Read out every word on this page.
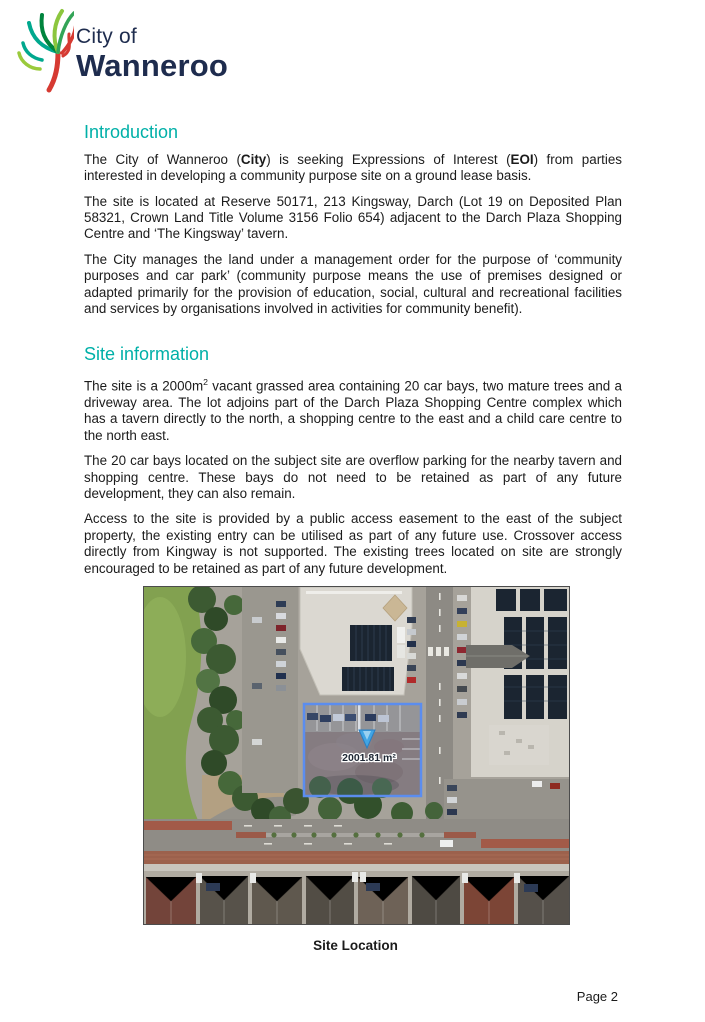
City of
Wanneroo
Introduction

The City of Wanneroo (City) is seeking Expressions of Interest (EOI) from parties interested in developing a community purpose site on a ground lease basis.

The site is located at Reserve 50171, 213 Kingsway, Darch (Lot 19 on Deposited Plan 58321, Crown Land Title Volume 3156 Folio 654) adjacent to the Darch Plaza Shopping Centre and ‘The Kingsway’ tavern.

The City manages the land under a management order for the purpose of ‘community purposes and car park’ (community purpose means the use of premises designed or adapted primarily for the provision of education, social, cultural and recreational facilities and services by organisations involved in activities for community benefit).

Site information

The site is a $2000m^2$ vacant grassed area containing 20 car bays, two mature trees and a driveway area. The lot adjoins part of the Darch Plaza Shopping Centre complex which has a tavern directly to the north, a shopping centre to the east and a child care centre to the north east.

The 20 car bays located on the subject site are overflow parking for the nearby tavern and shopping centre. These bays do not need to be retained as part of any future development, they can also remain.

Access to the site is provided by a public access easement to the east of the subject property, the existing entry can be utilised as part of any future use. Crossover access directly from Kingway is not supported. The existing trees located on site are strongly encouraged to be retained as part of any future development.

2001.81 m²
Site Location
Page 2
